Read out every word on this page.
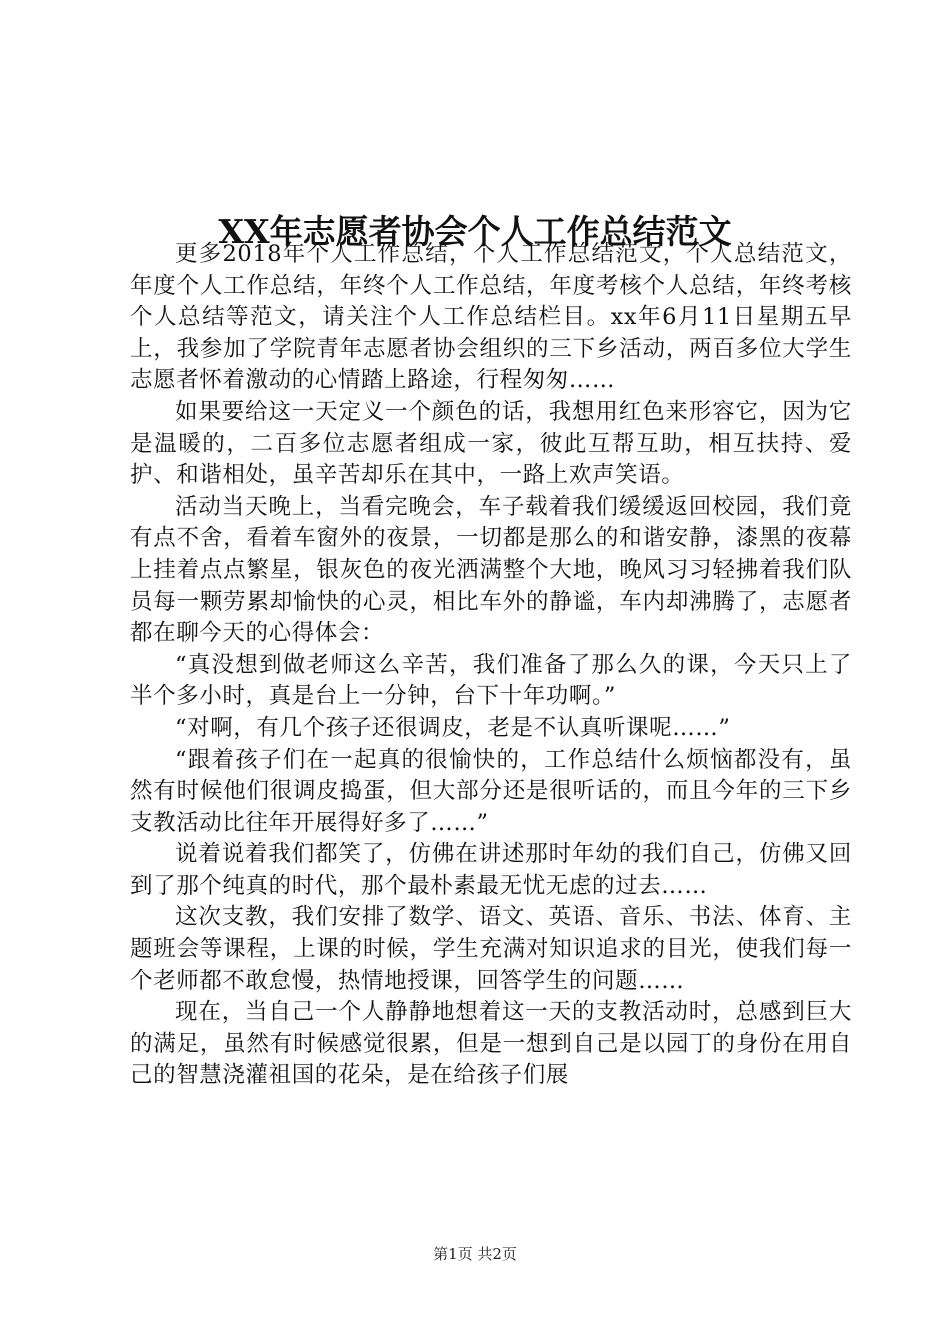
XX年志愿者协会个人工作总结范文

更多2018年个人工作总结，个人工作总结范文，个人总结范文，年度个人工作总结，年终个人工作总结，年度考核个人总结，年终考核个人总结等范文，请关注个人工作总结栏目。xx年6月11日星期五早上，我参加了学院青年志愿者协会组织的三下乡活动，两百多位大学生志愿者怀着激动的心情踏上路途，行程匆匆……

如果要给这一天定义一个颜色的话，我想用红色来形容它，因为它是温暖的，二百多位志愿者组成一家，彼此互帮互助，相互扶持、爱护、和谐相处，虽辛苦却乐在其中，一路上欢声笑语。

活动当天晚上，当看完晚会，车子载着我们缓缓返回校园，我们竟有点不舍，看着车窗外的夜景，一切都是那么的和谐安静，漆黑的夜幕上挂着点点繁星，银灰色的夜光洒满整个大地，晚风习习轻拂着我们队员每一颗劳累却愉快的心灵，相比车外的静谧，车内却沸腾了，志愿者都在聊今天的心得体会：

“真没想到做老师这么辛苦，我们准备了那么久的课，今天只上了半个多小时，真是台上一分钟，台下十年功啊。”

“对啊，有几个孩子还很调皮，老是不认真听课呢……”

“跟着孩子们在一起真的很愉快的，工作总结什么烦恼都没有，虽然有时候他们很调皮捣蛋，但大部分还是很听话的，而且今年的三下乡支教活动比往年开展得好多了……”

说着说着我们都笑了，仿佛在讲述那时年幼的我们自己，仿佛又回到了那个纯真的时代，那个最朴素最无忧无虑的过去……

这次支教，我们安排了数学、语文、英语、音乐、书法、体育、主题班会等课程，上课的时候，学生充满对知识追求的目光，使我们每一个老师都不敢怠慢，热情地授课，回答学生的问题……

现在，当自己一个人静静地想着这一天的支教活动时，总感到巨大的满足，虽然有时候感觉很累，但是一想到自己是以园丁的身份在用自己的智慧浇灌祖国的花朵，是在给孩子们展

第1页 共2页
